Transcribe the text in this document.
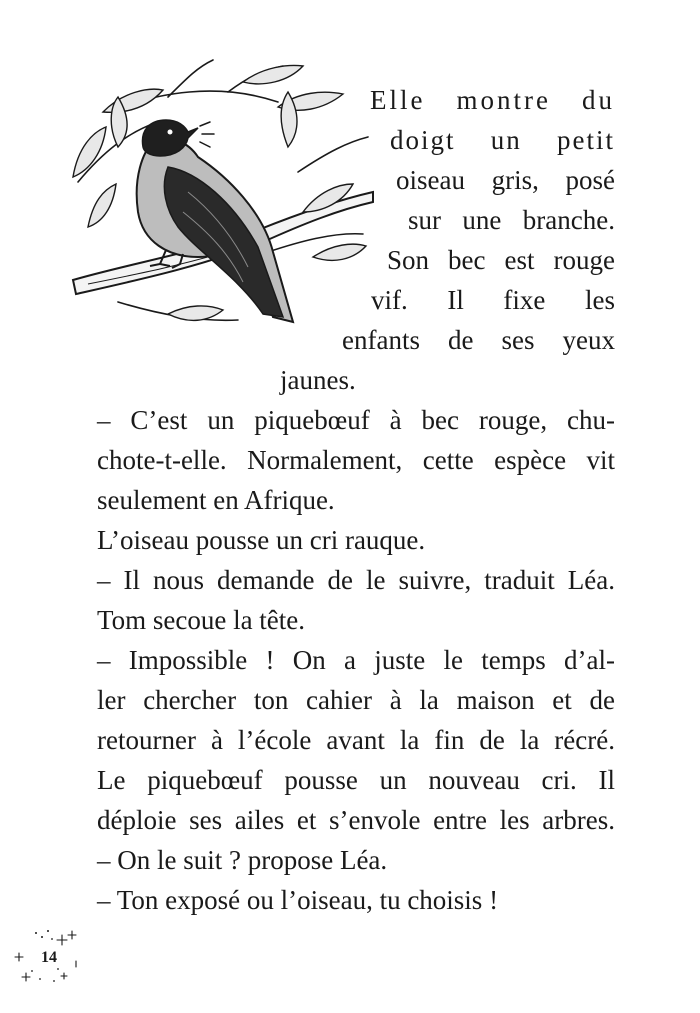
Elle montre du
doigt un petit
oiseau gris, posé
sur une branche.
Son bec est rouge
vif. Il fixe les
enfants de ses yeux
jaunes.
– C’est un piquebœuf à bec rouge, chu-
chote-t-elle. Normalement, cette espèce vit
seulement en Afrique.
L’oiseau pousse un cri rauque.
– Il nous demande de le suivre, traduit Léa.
Tom secoue la tête.
– Impossible ! On a juste le temps d’al-
ler chercher ton cahier à la maison et de
retourner à l’école avant la fin de la récré.
Le piquebœuf pousse un nouveau cri. Il
déploie ses ailes et s’envole entre les arbres.
– On le suit ? propose Léa.
– Ton exposé ou l’oiseau, tu choisis !
14
